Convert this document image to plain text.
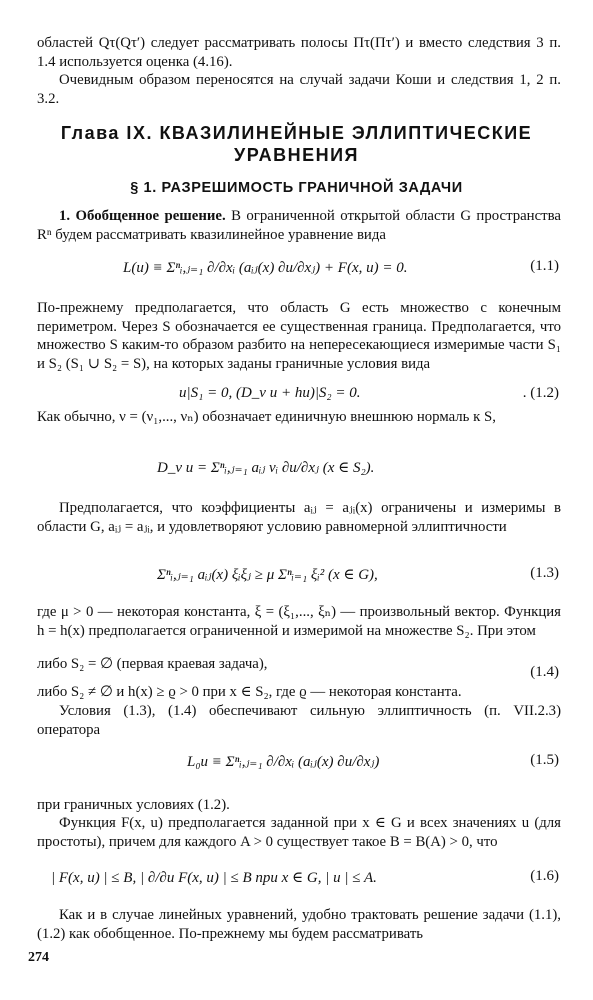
областей Qτ(Qτ′) следует рассматривать полосы Πτ(Πτ′) и вместо следствия 3 п. 1.4 используется оценка (4.16).
Очевидным образом переносятся на случай задачи Коши и следствия 1, 2 п. 3.2.
Глава IX. КВАЗИЛИНЕЙНЫЕ ЭЛЛИПТИЧЕСКИЕ УРАВНЕНИЯ
§ 1. РАЗРЕШИМОСТЬ ГРАНИЧНОЙ ЗАДАЧИ
1. Обобщенное решение. В ограниченной открытой области G пространства Rⁿ будем рассматривать квазилинейное уравнение вида
L(u) ≡ Σⁿᵢ,ⱼ₌₁ ∂/∂xᵢ (aᵢⱼ(x) ∂u/∂xⱼ) + F(x, u) = 0.	(1.1)
По-прежнему предполагается, что область G есть множество с конечным периметром. Через S обозначается ее существенная граница. Предполагается, что множество S каким-то образом разбито на непересекающиеся измеримые части S₁ и S₂ (S₁ ∪ S₂ = S), на которых заданы граничные условия вида
u|S₁ = 0, (D_ν u + hu)|S₂ = 0.	. (1.2)
Как обычно, ν = (ν₁,..., νₙ) обозначает единичную внешнюю нормаль к S,
D_ν u = Σⁿᵢ,ⱼ₌₁ aᵢⱼ νᵢ ∂u/∂xⱼ (x ∈ S₂).
Предполагается, что коэффициенты aᵢⱼ = aⱼᵢ(x) ограничены и измеримы в области G, aᵢⱼ = aⱼᵢ, и удовлетворяют условию равномерной эллиптичности
Σⁿᵢ,ⱼ₌₁ aᵢⱼ(x) ξᵢξⱼ ≥ μ Σⁿᵢ₌₁ ξᵢ² (x ∈ G),	(1.3)
где μ > 0 — некоторая константа, ξ = (ξ₁,..., ξₙ) — произвольный вектор. Функция h = h(x) предполагается ограниченной и измеримой на множестве S₂. При этом
либо S₂ = ∅ (первая краевая задача),	(1.4)
либо S₂ ≠ ∅ и h(x) ≥ ϱ > 0 при x ∈ S₂, где ϱ — некоторая константа.
Условия (1.3), (1.4) обеспечивают сильную эллиптичность (п. VII.2.3) оператора
L₀u ≡ Σⁿᵢ,ⱼ₌₁ ∂/∂xᵢ (aᵢⱼ(x) ∂u/∂xⱼ)	(1.5)
при граничных условиях (1.2).
Функция F(x, u) предполагается заданной при x ∈ G и всех значениях u (для простоты), причем для каждого A > 0 существует такое B = B(A) > 0, что
| F(x, u) | ≤ B, | ∂/∂u F(x, u) | ≤ B при x ∈ G, | u | ≤ A.	(1.6)
Как и в случае линейных уравнений, удобно трактовать решение задачи (1.1), (1.2) как обобщенное. По-прежнему мы будем рассматривать
274
